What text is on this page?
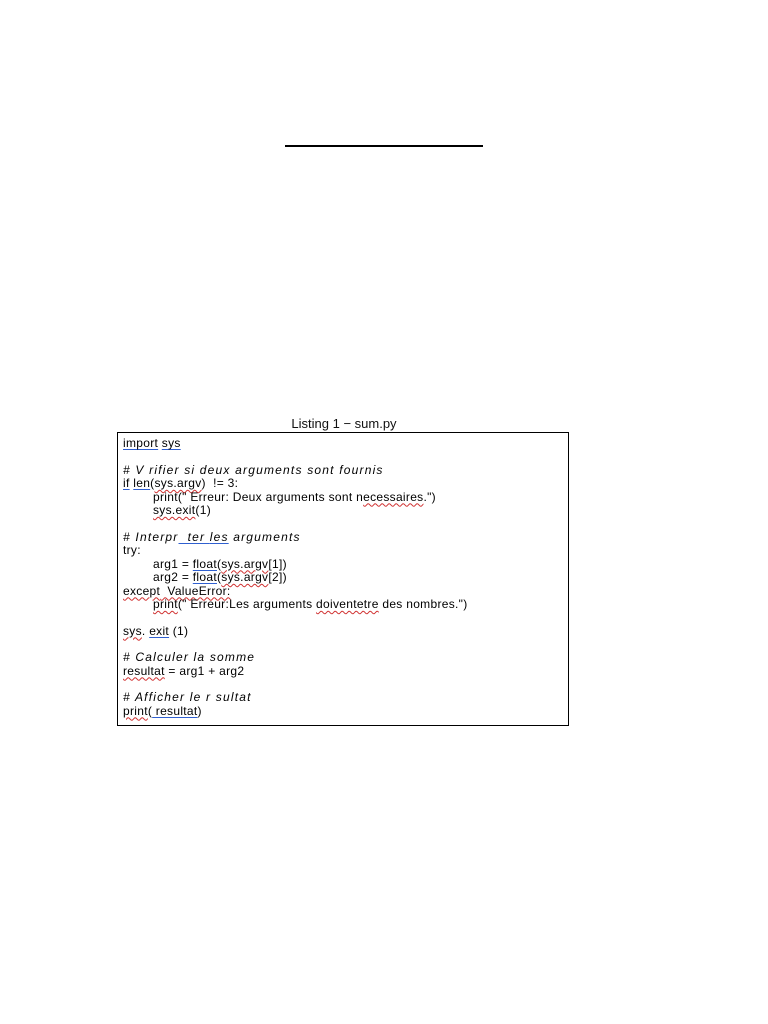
Listing 1 − sum.py
import sys
# V rifier si deux arguments sont fournis
if len(sys.argv)  != 3:
print(" Erreur: Deux arguments sont necessaires.")
sys.exit(1)
# Interpr  ter les arguments
try:
arg1 = float(sys.argv[1])
arg2 = float(sys.argv[2])
except  ValueError:
print(" Erreur:Les arguments doiventetre des nombres.")
sys. exit (1)
# Calculer la somme
resultat = arg1 + arg2
# Afficher le r sultat
print( resultat)
